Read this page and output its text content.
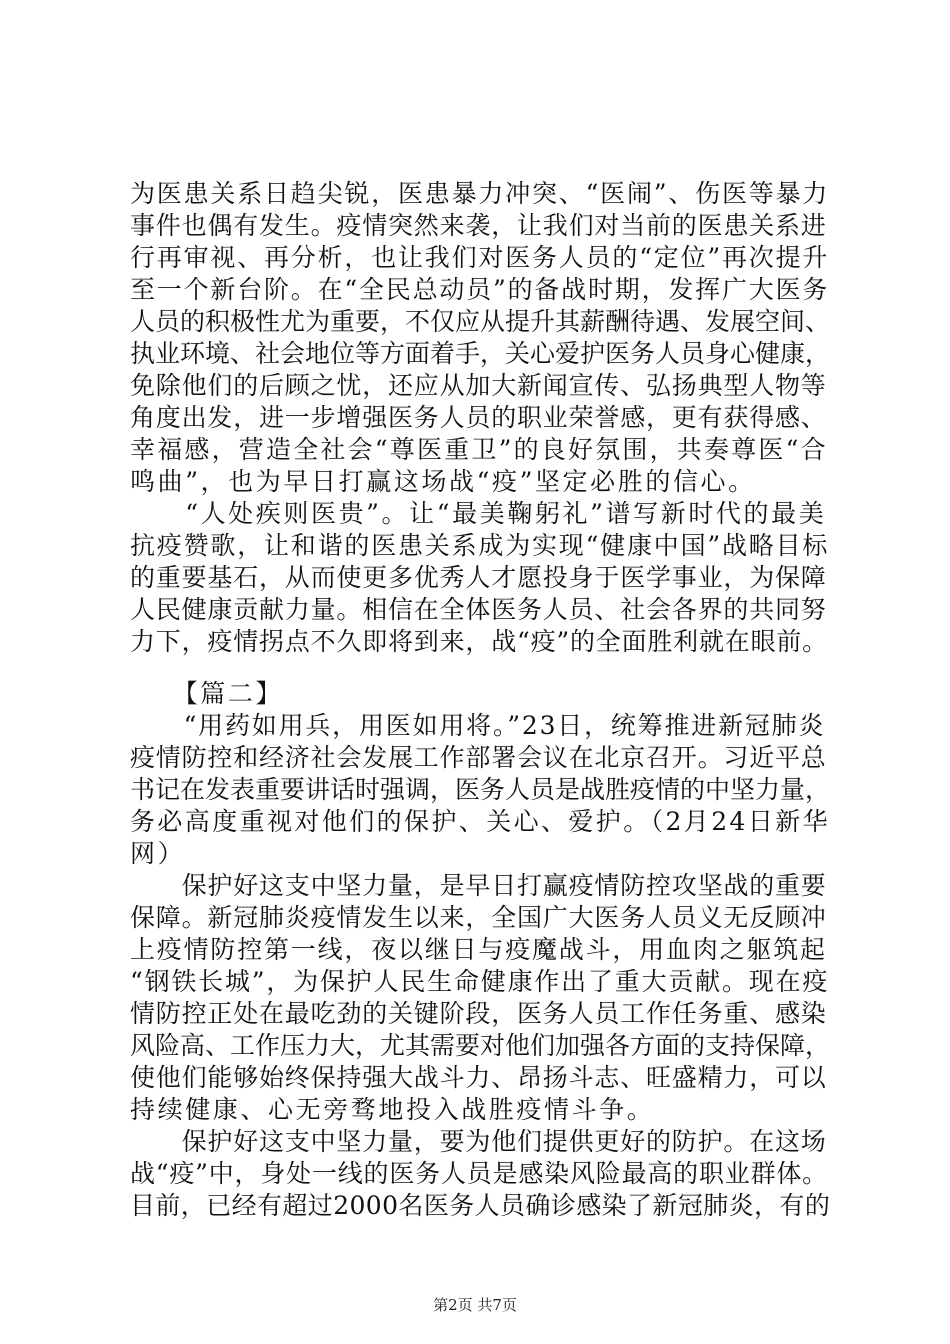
为医患关系日趋尖锐，医患暴力冲突、“医闹”、伤医等暴力
事件也偶有发生。疫情突然来袭，让我们对当前的医患关系进
行再审视、再分析，也让我们对医务人员的“定位”再次提升
至一个新台阶。在“全民总动员”的备战时期，发挥广大医务
人员的积极性尤为重要，不仅应从提升其薪酬待遇、发展空间、
执业环境、社会地位等方面着手，关心爱护医务人员身心健康，
免除他们的后顾之忧，还应从加大新闻宣传、弘扬典型人物等
角度出发，进一步增强医务人员的职业荣誉感，更有获得感、
幸福感，营造全社会“尊医重卫”的良好氛围，共奏尊医“合
鸣曲”，也为早日打赢这场战“疫”坚定必胜的信心。
　　“人处疾则医贵”。让“最美鞠躬礼”谱写新时代的最美
抗疫赞歌，让和谐的医患关系成为实现“健康中国”战略目标
的重要基石，从而使更多优秀人才愿投身于医学事业，为保障
人民健康贡献力量。相信在全体医务人员、社会各界的共同努
力下，疫情拐点不久即将到来，战“疫”的全面胜利就在眼前。
　　【篇二】
　　“用药如用兵，用医如用将。”23日，统筹推进新冠肺炎
疫情防控和经济社会发展工作部署会议在北京召开。习近平总
书记在发表重要讲话时强调，医务人员是战胜疫情的中坚力量，
务必高度重视对他们的保护、关心、爱护。（2月24日新华
网）
　　保护好这支中坚力量，是早日打赢疫情防控攻坚战的重要
保障。新冠肺炎疫情发生以来，全国广大医务人员义无反顾冲
上疫情防控第一线，夜以继日与疫魔战斗，用血肉之躯筑起
“钢铁长城”，为保护人民生命健康作出了重大贡献。现在疫
情防控正处在最吃劲的关键阶段，医务人员工作任务重、感染
风险高、工作压力大，尤其需要对他们加强各方面的支持保障，
使他们能够始终保持强大战斗力、昂扬斗志、旺盛精力，可以
持续健康、心无旁骛地投入战胜疫情斗争。
　　保护好这支中坚力量，要为他们提供更好的防护。在这场
战“疫”中，身处一线的医务人员是感染风险最高的职业群体。
目前，已经有超过2000名医务人员确诊感染了新冠肺炎，有的
第2页 共7页
